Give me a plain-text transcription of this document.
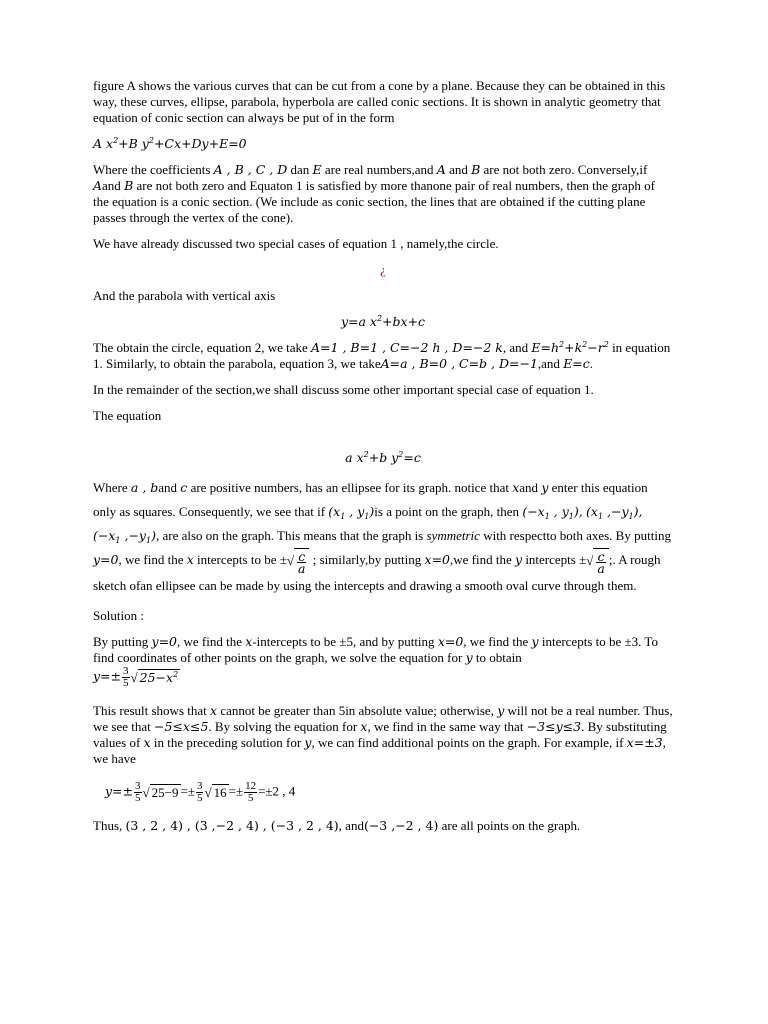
figure A shows the various curves that can be cut from a cone by a plane. Because they can be obtained in this way, these curves, ellipse, parabola, hyperbola are called conic sections. It is shown in analytic geometry that equation of conic section can always be put of in the form

A $x^2+B$ $y^2+Cx+Dy+E=0$

Where the coefficients A , B , C , D dan E are real numbers,and A and B are not both zero. Conversely,if Aand B are not both zero and Equaton 1 is satisfied by more thanone pair of real numbers, then the graph of the equation is a conic section. (We include as conic section, the lines that are obtained if the cutting plane passes through the vertex of the cone).

We have already discussed two special cases of equation 1 , namely,the circle.

¿

And the parabola with vertical axis

y=a $x^2+bx+c$

The obtain the circle, equation 2, we take A=1 , B=1 , C=−2 h , D=−2 k, and $E=h^2+k^2-r^2$ in equation 1. Similarly, to obtain the parabola, equation 3, we takeA=a , B=0 , C=b , D=−1,and E=c.

In the remainder of the section,we shall discuss some other important special case of equation 1.

The equation

a $x^2+b$ $y^2=c$

Where a , band c are positive numbers, has an ellipsee for its graph. notice that xand y enter this equation only as squares. Consequently, we see that if ($x_1$ , $y_1)is$ a point on the graph, then ($-x_1$ , $y_1$), ($x_1$ $,-y_1$), ($-x_1$ $,-y_1$), are also on the graph. This means that the graph is symmetric with respectto both axes. By putting y=0, we find the x intercepts to be ±√ $\frac{c}{a}$ ; similarly,by putting x=0,we find the y intercepts ±√ $\frac{c}{a}$ ;. A rough sketch ofan ellipsee can be made by using the intercepts and drawing a smooth oval curve through them.

Solution :

By putting y=0, we find the x-intercepts to be ±5, and by putting x=0, we find the y intercepts to be ±3. To find coordinates of other points on the graph, we solve the equation for y to obtain
$y=\pm \frac{3}{5}$ √ $25-x^2$

This result shows that x cannot be greater than 5in absolute value; otherwise, y will not be a real number. Thus, we see that −5≤x≤5. By solving the equation for x, we find in the same way that −3≤y≤3. By substituting values of x in the preceding solution for y, we can find additional points on the graph. For example, if x=±3, we have

$y=\pm \frac{3}{5}$ √ $25-9 =\pm \frac{3}{5}$ √ $16 =\pm \frac{12}{5} =\pm 2$ , 4

Thus, (3 , 2 , 4) , (3 ,−2 , 4) , (−3 , 2 , 4), and(−3 ,−2 , 4) are all points on the graph.
